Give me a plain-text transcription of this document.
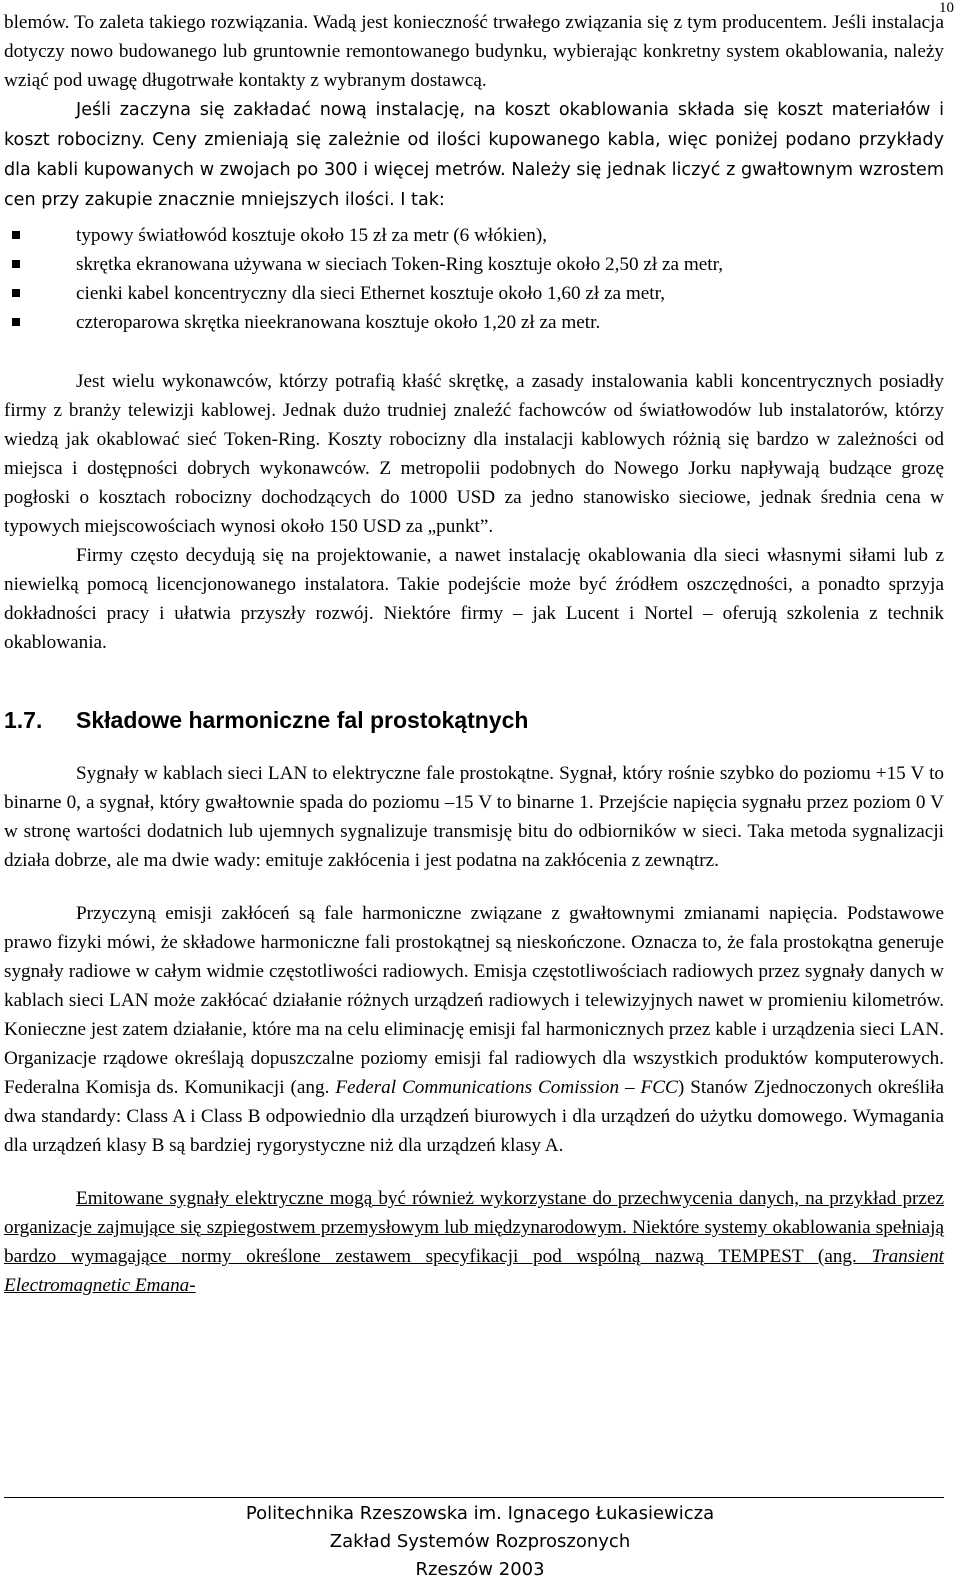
10

blemów. To zaleta takiego rozwiązania. Wadą jest konieczność trwałego związania się z tym producentem. Jeśli instalacja dotyczy nowo budowanego lub gruntownie remontowanego budynku, wybierając konkretny system okablowania, należy wziąć pod uwagę długotrwałe kontakty z wybranym dostawcą.

Jeśli zaczyna się zakładać nową instalację, na koszt okablowania składa się koszt materiałów i koszt robocizny. Ceny zmieniają się zależnie od ilości kupowanego kabla, więc poniżej podano przykłady dla kabli kupowanych w zwojach po 300 i więcej metrów. Należy się jednak liczyć z gwałtownym wzrostem cen przy zakupie znacznie mniejszych ilości. I tak:

typowy światłowód kosztuje około 15 zł za metr (6 włókien),
skrętka ekranowana używana w sieciach Token-Ring kosztuje około 2,50 zł za metr,
cienki kabel koncentryczny dla sieci Ethernet kosztuje około 1,60 zł za metr,
czteroparowa skrętka nieekranowana kosztuje około 1,20 zł za metr.

Jest wielu wykonawców, którzy potrafią kłaść skrętkę, a zasady instalowania kabli koncentrycznych posiadły firmy z branży telewizji kablowej. Jednak dużo trudniej znaleźć fachowców od światłowodów lub instalatorów, którzy wiedzą jak okablować sieć Token-Ring. Koszty robocizny dla instalacji kablowych różnią się bardzo w zależności od miejsca i dostępności dobrych wykonawców. Z metropolii podobnych do Nowego Jorku napływają budzące grozę pogłoski o kosztach robocizny dochodzących do 1000 USD za jedno stanowisko sieciowe, jednak średnia cena w typowych miejscowościach wynosi około 150 USD za „punkt”.

Firmy często decydują się na projektowanie, a nawet instalację okablowania dla sieci własnymi siłami lub z niewielką pomocą licencjonowanego instalatora. Takie podejście może być źródłem oszczędności, a ponadto sprzyja dokładności pracy i ułatwia przyszły rozwój. Niektóre firmy – jak Lucent i Nortel – oferują szkolenia z technik okablowania.

1.7. Składowe harmoniczne fal prostokątnych

Sygnały w kablach sieci LAN to elektryczne fale prostokątne. Sygnał, który rośnie szybko do poziomu +15 V to binarne 0, a sygnał, który gwałtownie spada do poziomu –15 V to binarne 1. Przejście napięcia sygnału przez poziom 0 V w stronę wartości dodatnich lub ujemnych sygnalizuje transmisję bitu do odbiorników w sieci. Taka metoda sygnalizacji działa dobrze, ale ma dwie wady: emituje zakłócenia i jest podatna na zakłócenia z zewnątrz.

Przyczyną emisji zakłóceń są fale harmoniczne związane z gwałtownymi zmianami napięcia. Podstawowe prawo fizyki mówi, że składowe harmoniczne fali prostokątnej są nieskończone. Oznacza to, że fala prostokątna generuje sygnały radiowe w całym widmie częstotliwości radiowych. Emisja częstotliwościach radiowych przez sygnały danych w kablach sieci LAN może zakłócać działanie różnych urządzeń radiowych i telewizyjnych nawet w promieniu kilometrów. Konieczne jest zatem działanie, które ma na celu eliminację emisji fal harmonicznych przez kable i urządzenia sieci LAN. Organizacje rządowe określają dopuszczalne poziomy emisji fal radiowych dla wszystkich produktów komputerowych. Federalna Komisja ds. Komunikacji (ang. Federal Communications Comission – FCC) Stanów Zjednoczonych określiła dwa standardy: Class A i Class B odpowiednio dla urządzeń biurowych i dla urządzeń do użytku domowego. Wymagania dla urządzeń klasy B są bardziej rygorystyczne niż dla urządzeń klasy A.

Emitowane sygnały elektryczne mogą być również wykorzystane do przechwycenia danych, na przykład przez organizacje zajmujące się szpiegostwem przemysłowym lub międzynarodowym. Niektóre systemy okablowania spełniają bardzo wymagające normy określone zestawem specyfikacji pod wspólną nazwą TEMPEST (ang. Transient Electromagnetic Emana-

Politechnika Rzeszowska im. Ignacego Łukasiewicza
Zakład Systemów Rozproszonych
Rzeszów 2003
